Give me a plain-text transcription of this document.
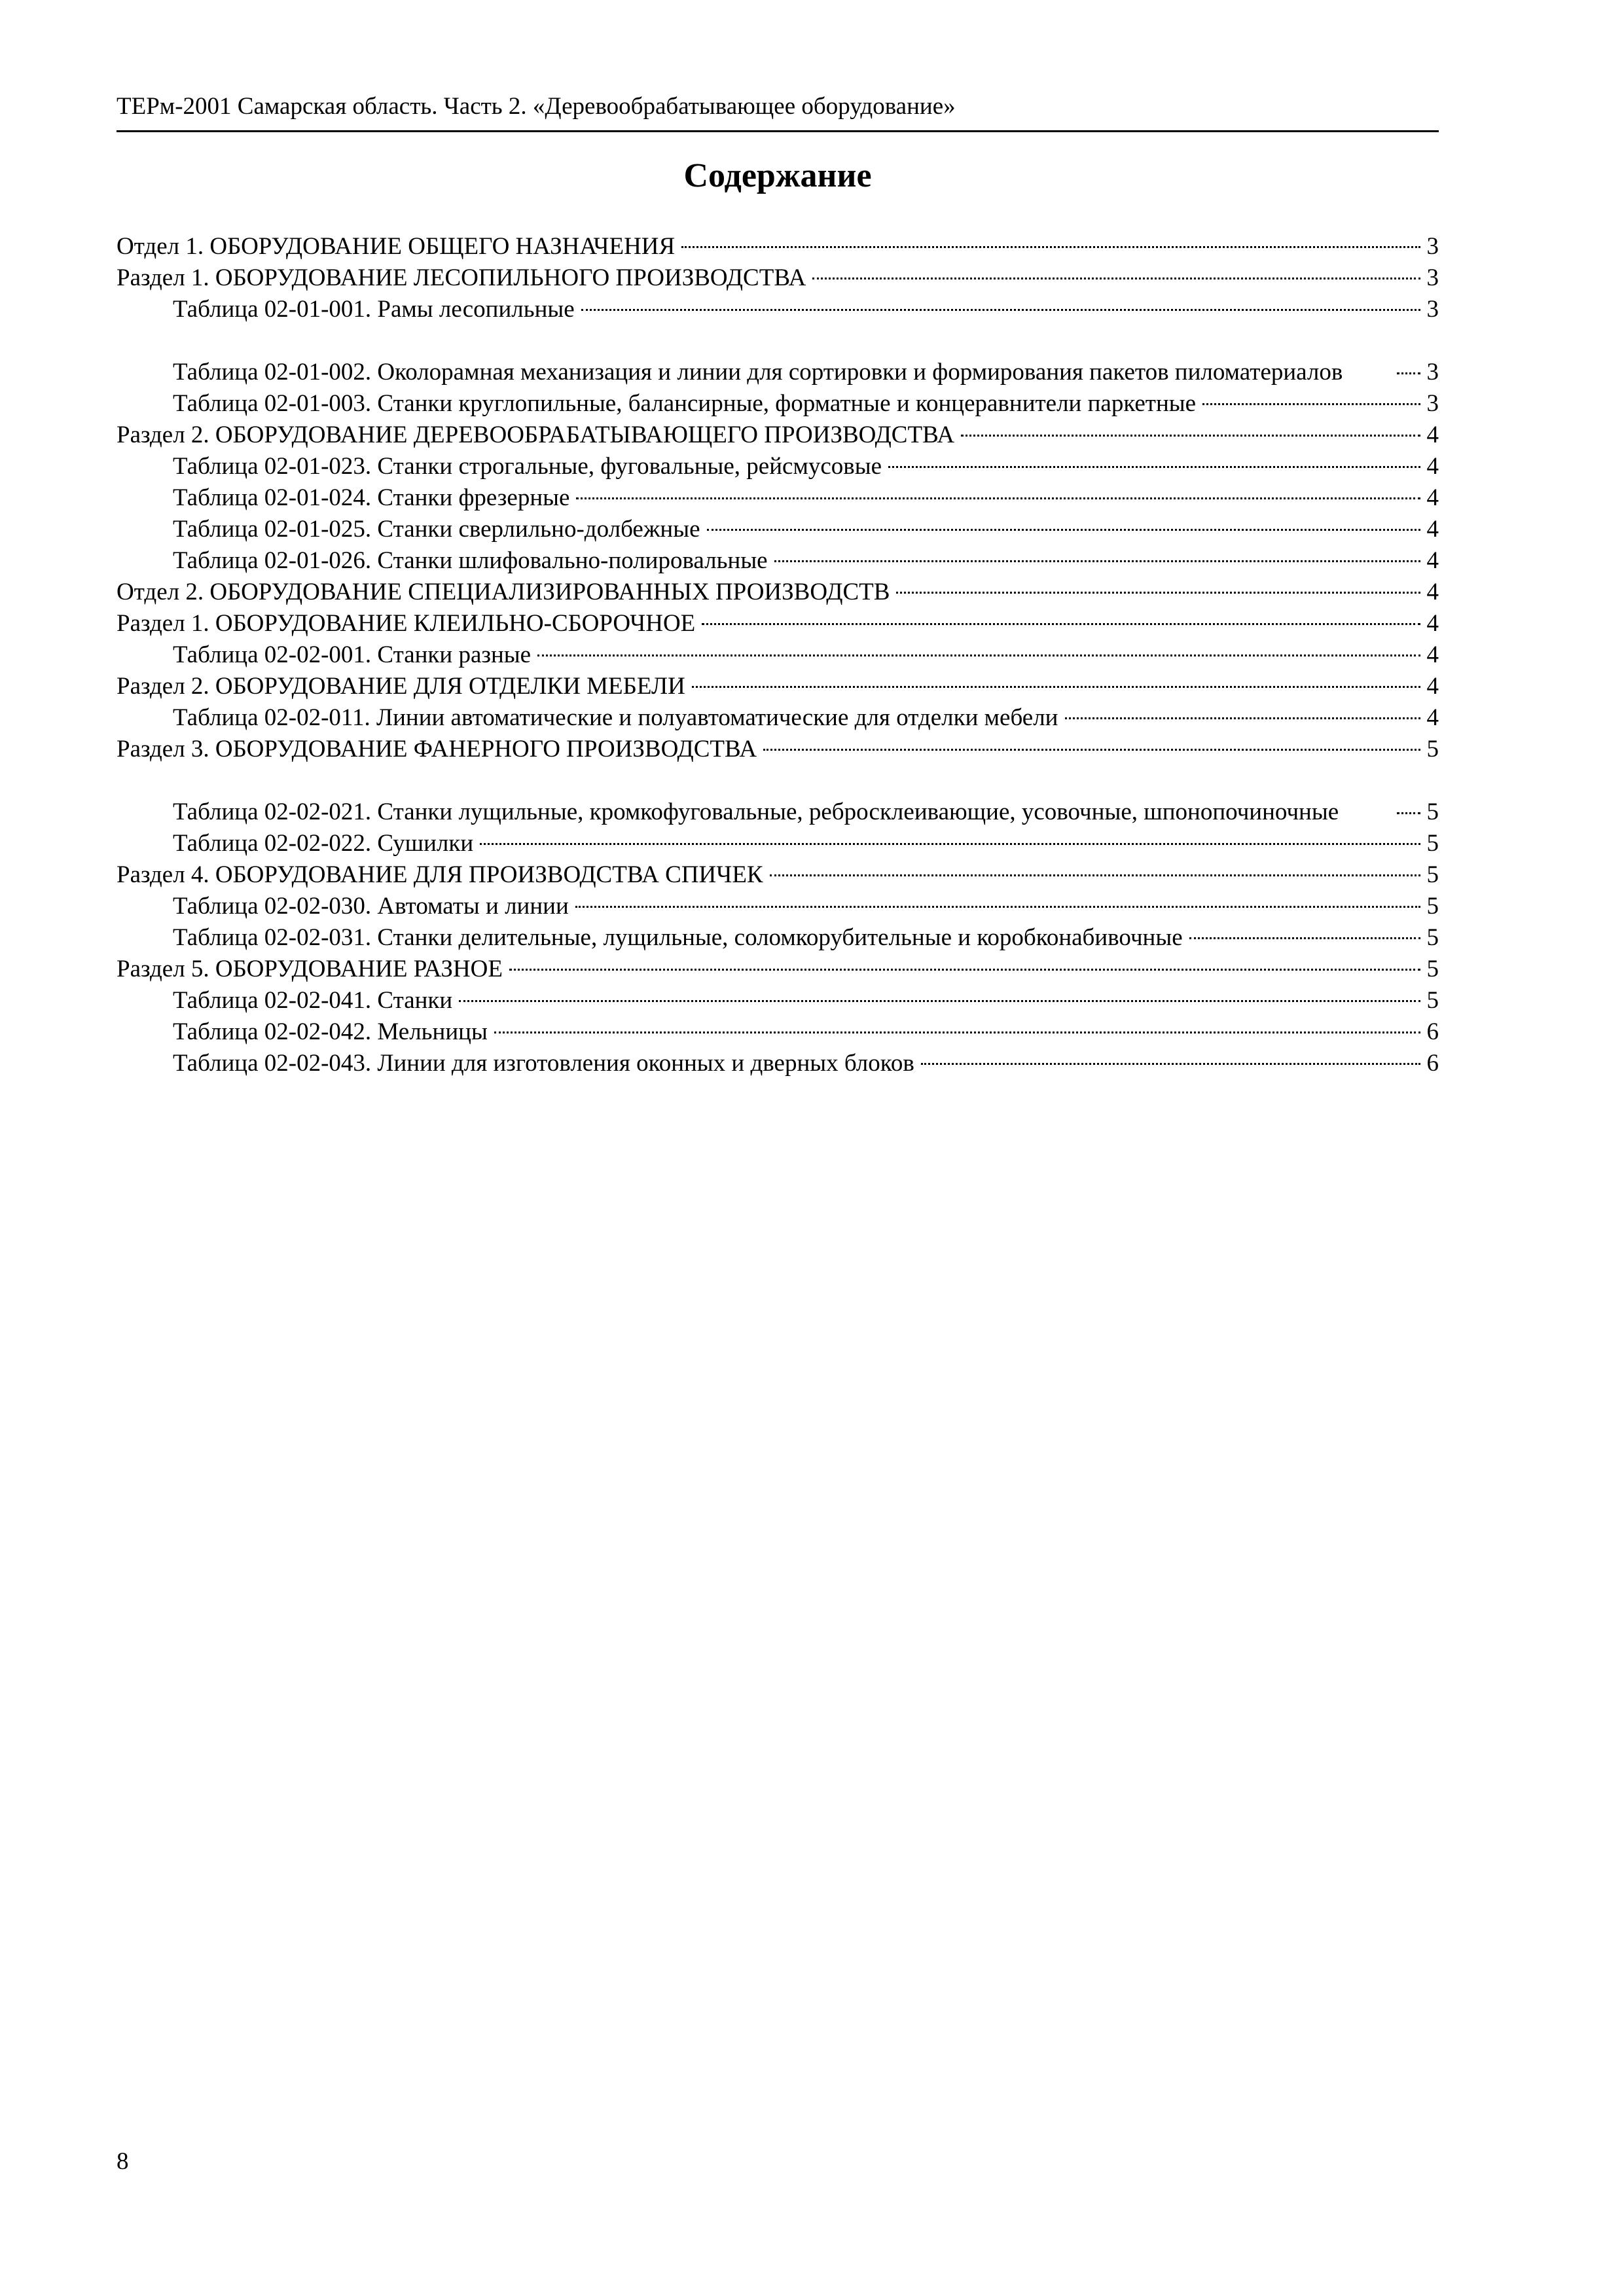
ТЕРм-2001 Самарская область. Часть 2. «Деревообрабатывающее оборудование»
Содержание
Отдел 1. ОБОРУДОВАНИЕ ОБЩЕГО НАЗНАЧЕНИЯ	3
Раздел 1. ОБОРУДОВАНИЕ ЛЕСОПИЛЬНОГО ПРОИЗВОДСТВА	3
Таблица 02-01-001. Рамы лесопильные	3
Таблица 02-01-002. Околорамная механизация и линии для сортировки и формирования пакетов пиломатериалов	3
Таблица 02-01-003. Станки круглопильные, балансирные, форматные и концеравнители паркетные	3
Раздел 2. ОБОРУДОВАНИЕ ДЕРЕВООБРАБАТЫВАЮЩЕГО ПРОИЗВОДСТВА	4
Таблица 02-01-023. Станки строгальные, фуговальные, рейсмусовые	4
Таблица 02-01-024. Станки фрезерные	4
Таблица 02-01-025. Станки сверлильно-долбежные	4
Таблица 02-01-026. Станки шлифовально-полировальные	4
Отдел 2. ОБОРУДОВАНИЕ СПЕЦИАЛИЗИРОВАННЫХ ПРОИЗВОДСТВ	4
Раздел 1. ОБОРУДОВАНИЕ КЛЕИЛЬНО-СБОРОЧНОЕ	4
Таблица 02-02-001. Станки разные	4
Раздел 2. ОБОРУДОВАНИЕ ДЛЯ ОТДЕЛКИ МЕБЕЛИ	4
Таблица 02-02-011. Линии автоматические и полуавтоматические для отделки мебели	4
Раздел 3. ОБОРУДОВАНИЕ ФАНЕРНОГО ПРОИЗВОДСТВА	5
Таблица 02-02-021. Станки лущильные, кромкофуговальные, ребросклеивающие, усовочные, шпонопочиночные	5
Таблица 02-02-022. Сушилки	5
Раздел 4. ОБОРУДОВАНИЕ ДЛЯ ПРОИЗВОДСТВА СПИЧЕК	5
Таблица 02-02-030. Автоматы и линии	5
Таблица 02-02-031. Станки делительные, лущильные, соломкорубительные и коробконабивочные	5
Раздел 5. ОБОРУДОВАНИЕ РАЗНОЕ	5
Таблица 02-02-041. Станки	5
Таблица 02-02-042. Мельницы	6
Таблица 02-02-043. Линии для изготовления оконных и дверных блоков	6
8
